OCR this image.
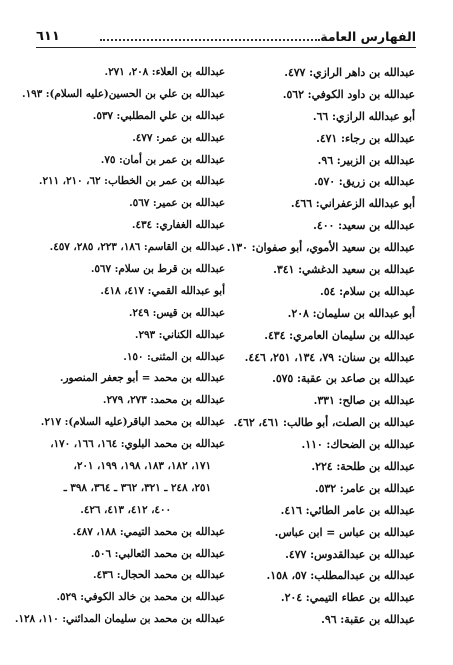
الفهارس العامة
٦١١
عبدالله بن داهر الرازي: ٤٧٧.
عبدالله بن داود الكوفي: ٥٦٢.
أبو عبدالله الرازي: ٦٦.
عبدالله بن رجاء: ٤٧١.
عبدالله بن الزبير: ٩٦.
عبدالله بن زريق: ٥٧٠.
أبو عبدالله الزعفراني: ٤٦٦.
عبدالله بن سعيد: ٤٠٠.
عبدالله بن سعيد الأموي، أبو صفوان: ١٣٠.
عبدالله بن سعيد الدغشي: ٣٤١.
عبدالله بن سلام: ٥٤.
أبو عبدالله بن سليمان: ٢٠٨.
عبدالله بن سليمان العامري: ٤٣٤.
عبدالله بن سنان: ٧٩، ١٣٤، ٢٥١، ٤٤٦.
عبدالله بن صاعد بن عقبة: ٥٧٥.
عبدالله بن صالح: ٣٣١.
عبدالله بن الصلت، أبو طالب: ٤٦١، ٤٦٢.
عبدالله بن الضحاك: ١١٠.
عبدالله بن طلحة: ٢٢٤.
عبدالله بن عامر: ٥٣٢.
عبدالله بن عامر الطائي: ٤١٦.
عبدالله بن عباس = ابن عباس.
عبدالله بن عبدالقدوس: ٤٧٧.
عبدالله بن عبدالمطلب: ٥٧، ١٥٨.
عبدالله بن عطاء التيمي: ٢٠٤.
عبدالله بن عقبة: ٩٦.
عبدالله بن العلاء: ٢٠٨، ٢٧١.
عبدالله بن علي بن الحسين(عليه السلام): ١٩٣.
عبدالله بن علي المطلبي: ٥٣٧.
عبدالله بن عمر: ٤٧٧.
عبدالله بن عمر بن أمان: ٧٥.
عبدالله بن عمر بن الخطاب: ٦٢، ٢١٠، ٢١١.
عبدالله بن عمير: ٥٦٧.
عبدالله الغفاري: ٤٣٤.
عبدالله بن القاسم: ١٨٦، ٢٢٣، ٢٨٥، ٤٥٧.
عبدالله بن قرط بن سلام: ٥٦٧.
أبو عبدالله القمي: ٤١٧، ٤١٨.
عبدالله بن قيس: ٢٤٩.
عبدالله الكناني: ٢٩٣.
عبدالله بن المثنى: ١٥٠.
عبدالله بن محمد = أبو جعفر المنصور.
عبدالله بن محمد: ٢٧٣، ٢٧٩.
عبدالله بن محمد الباقر(عليه السلام): ٢١٧.
عبدالله بن محمد البلوي: ١٦٤، ١٦٦، ١٧٠،
١٧١، ١٨٢، ١٨٣، ١٩٨، ١٩٩، ٢٠١،
٢٥١، ٢٤٨ ـ ٣٢١، ٣٦٢ ـ ٣٦٤، ٣٩٨ ـ
٤٠٠، ٤١٢، ٤١٣، ٤٢٦.
عبدالله بن محمد التيمي: ١٨٨، ٤٨٧.
عبدالله بن محمد الثعالبي: ٥٠٦.
عبدالله بن محمد الحجال: ٤٣٦.
عبدالله بن محمد بن خالد الكوفي: ٥٢٩.
عبدالله بن محمد بن سليمان المدائني: ١١٠، ١٢٨.
